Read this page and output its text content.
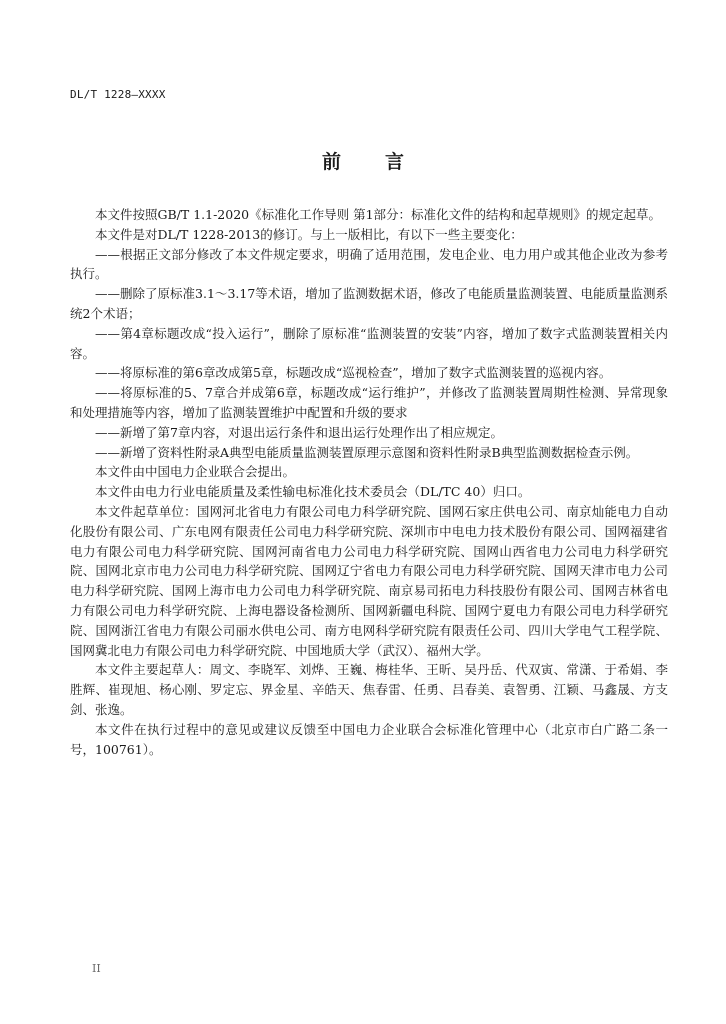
DL/T 1228—XXXX
前言

本文件按照GB/T 1.1-2020《标准化工作导则 第1部分：标准化文件的结构和起草规则》的规定起草。

本文件是对DL/T 1228-2013的修订。与上一版相比，有以下一些主要变化：

——根据正文部分修改了本文件规定要求，明确了适用范围，发电企业、电力用户或其他企业改为参考执行。

——删除了原标准3.1～3.17等术语，增加了监测数据术语，修改了电能质量监测装置、电能质量监测系统2个术语；

——第4章标题改成“投入运行”，删除了原标准“监测装置的安装”内容，增加了数字式监测装置相关内容。

——将原标准的第6章改成第5章，标题改成“巡视检查”，增加了数字式监测装置的巡视内容。

——将原标准的5、7章合并成第6章，标题改成“运行维护”，并修改了监测装置周期性检测、异常现象和处理措施等内容，增加了监测装置维护中配置和升级的要求

——新增了第7章内容，对退出运行条件和退出运行处理作出了相应规定。

——新增了资料性附录A典型电能质量监测装置原理示意图和资料性附录B典型监测数据检查示例。

本文件由中国电力企业联合会提出。

本文件由电力行业电能质量及柔性输电标准化技术委员会（DL/TC 40）归口。

本文件起草单位：国网河北省电力有限公司电力科学研究院、国网石家庄供电公司、南京灿能电力自动化股份有限公司、广东电网有限责任公司电力科学研究院、深圳市中电电力技术股份有限公司、国网福建省电力有限公司电力科学研究院、国网河南省电力公司电力科学研究院、国网山西省电力公司电力科学研究院、国网北京市电力公司电力科学研究院、国网辽宁省电力有限公司电力科学研究院、国网天津市电力公司电力科学研究院、国网上海市电力公司电力科学研究院、南京易司拓电力科技股份有限公司、国网吉林省电力有限公司电力科学研究院、上海电器设备检测所、国网新疆电科院、国网宁夏电力有限公司电力科学研究院、国网浙江省电力有限公司丽水供电公司、南方电网科学研究院有限责任公司、四川大学电气工程学院、国网冀北电力有限公司电力科学研究院、中国地质大学（武汉）、福州大学。

本文件主要起草人：周文、李晓军、刘烨、王巍、梅桂华、王昕、吴丹岳、代双寅、常潇、于希娟、李胜辉、崔现旭、杨心刚、罗定忘、界金星、辛皓天、焦春雷、任勇、吕春美、袁智勇、江颖、马鑫晟、方支剑、张逸。

本文件在执行过程中的意见或建议反馈至中国电力企业联合会标准化管理中心（北京市白广路二条一号，100761）。

II
